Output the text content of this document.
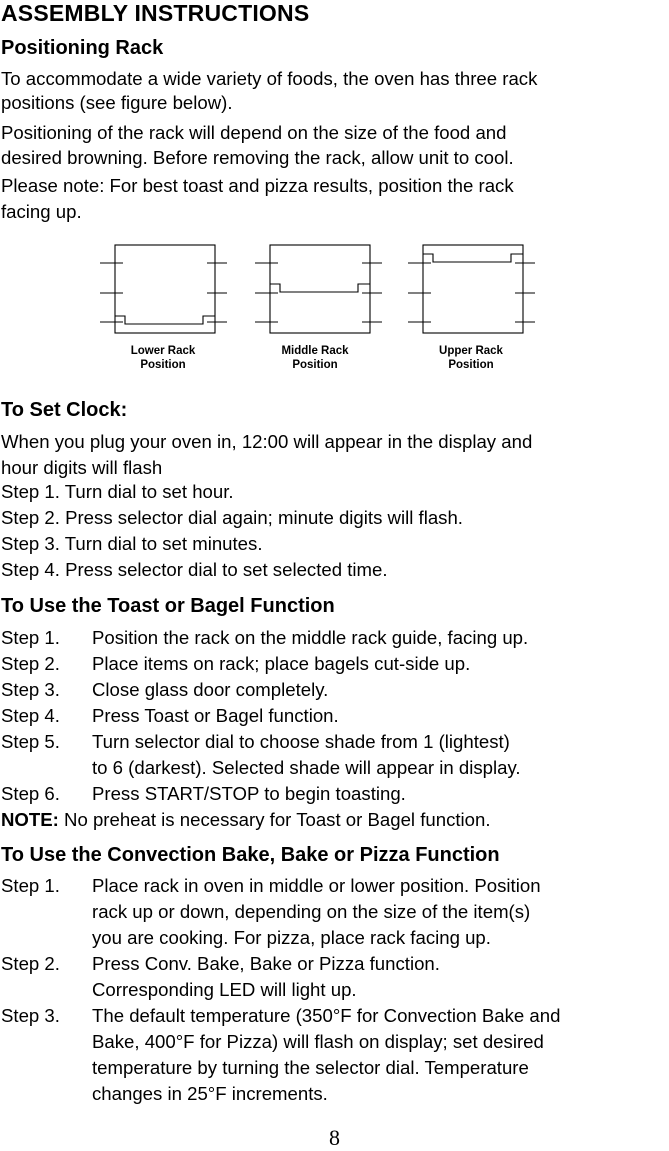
ASSEMBLY INSTRUCTIONS
Positioning Rack
To accommodate a wide variety of foods, the oven has three rack
positions (see figure below).
Positioning of the rack will depend on the size of the food and
desired browning. Before removing the rack, allow unit to cool.
Please note: For best toast and pizza results, position the rack
facing up.
Lower Rack
Position
Middle Rack
Position
Upper Rack
Position
To Set Clock:
When you plug your oven in, 12:00 will appear in the display and
hour digits will flash
Step 1. Turn dial to set hour.
Step 2. Press selector dial again; minute digits will flash.
Step 3. Turn dial to set minutes.
Step 4. Press selector dial to set selected time.
To Use the Toast or Bagel Function
Step 1. Position the rack on the middle rack guide, facing up.
Step 2. Place items on rack; place bagels cut-side up.
Step 3. Close glass door completely.
Step 4. Press Toast or Bagel function.
Step 5. Turn selector dial to choose shade from 1 (lightest)
to 6 (darkest). Selected shade will appear in display.
Step 6. Press START/STOP to begin toasting.
NOTE: No preheat is necessary for Toast or Bagel function.
To Use the Convection Bake, Bake or Pizza Function
Step 1. Place rack in oven in middle or lower position. Position
rack up or down, depending on the size of the item(s)
you are cooking. For pizza, place rack facing up.
Step 2. Press Conv. Bake, Bake or Pizza function.
Corresponding LED will light up.
Step 3. The default temperature (350°F for Convection Bake and
Bake, 400°F for Pizza) will flash on display; set desired
temperature by turning the selector dial. Temperature
changes in 25°F increments.
8
